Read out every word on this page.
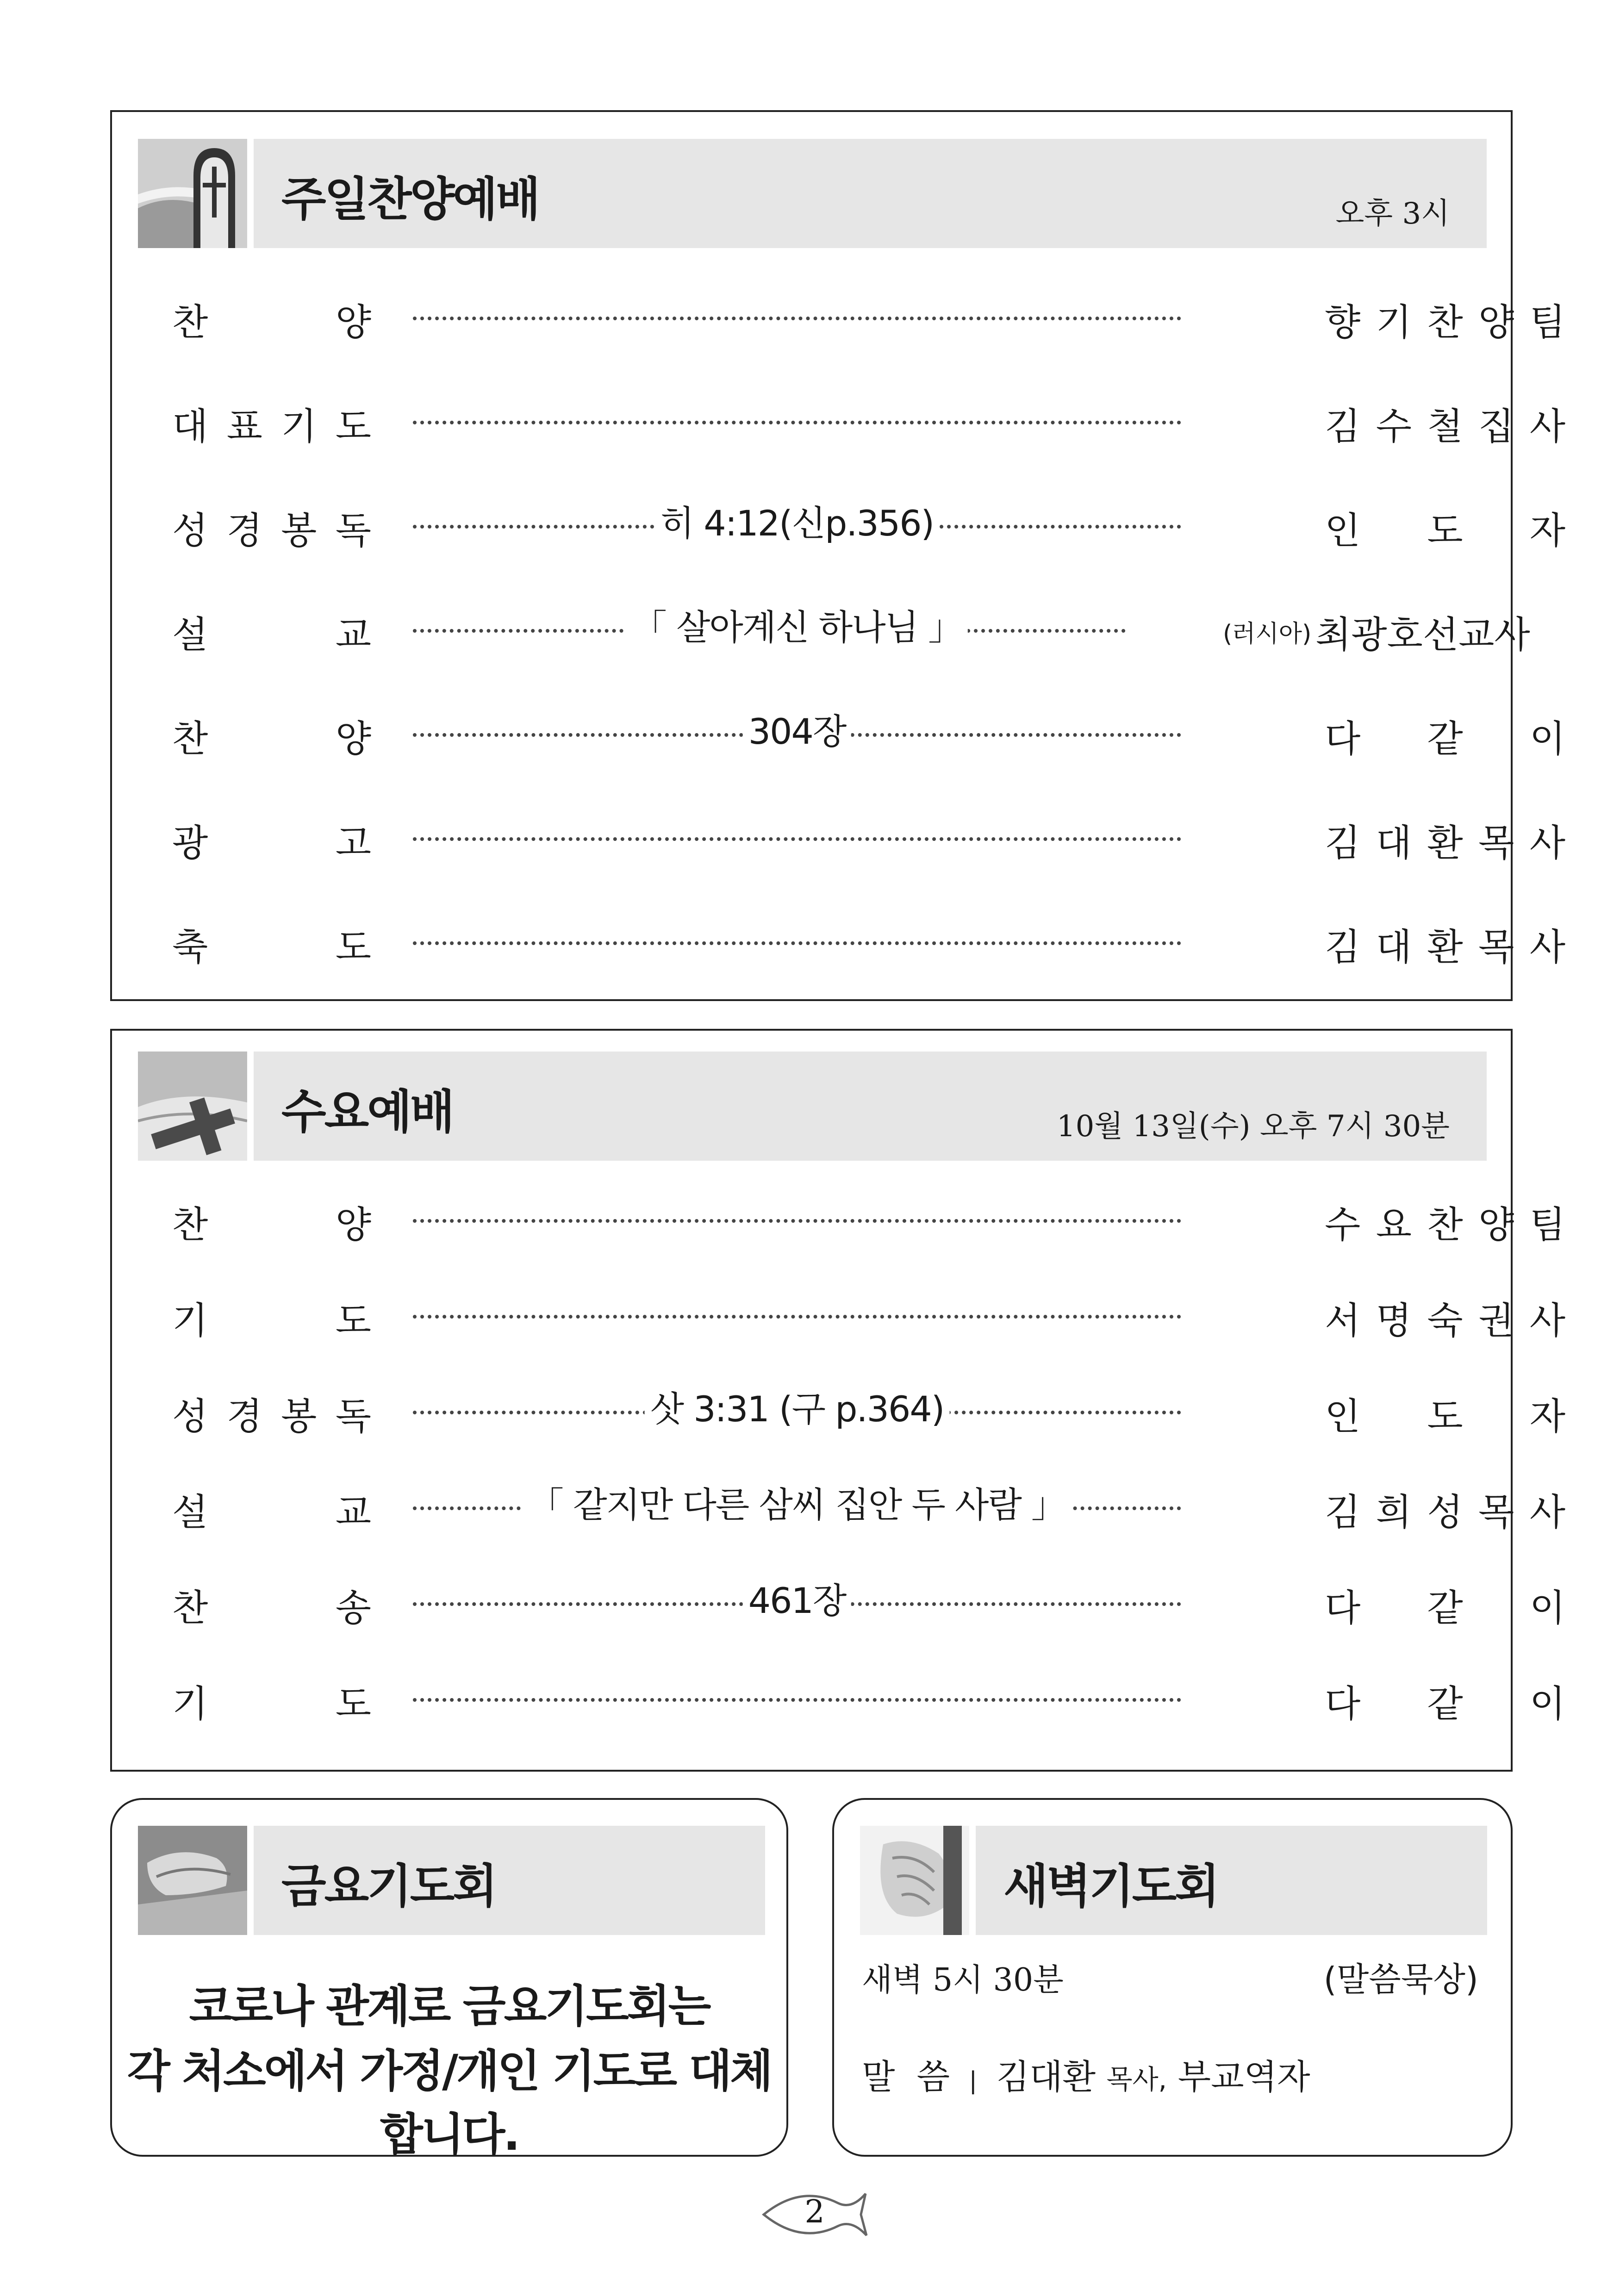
주일찬양예배	오후 3시
찬	양	향 기 찬 양 팀
대 표 기 도	김 수 철 집 사
성 경 봉 독	히 4:12(신p.356)	인 도 자
설	교	「 살아계신 하나님 」	(러시아) 최광호선교사
찬	양	304장	다 같 이
광	고	김 대 환 목 사
축	도	김 대 환 목 사
수요예배	10월 13일(수) 오후 7시 30분
찬	양	수 요 찬 양 팀
기	도	서 명 숙 권 사
성 경 봉 독	삿 3:31 (구 p.364)	인 도 자
설	교	「 같지만 다른 삼씨 집안 두 사람 」	김 희 성 목 사
찬	송	461장	다 같 이
기	도	다 같 이
금요기도회
코로나 관계로 금요기도회는
각 처소에서 가정/개인 기도로 대체합니다.
새벽기도회
새벽 5시 30분	(말씀묵상)
말  씀 | 김대환 목사, 부교역자
2
